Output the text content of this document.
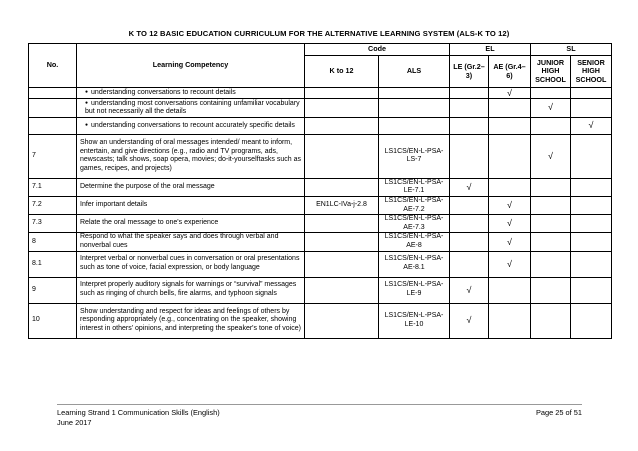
K TO 12 BASIC EDUCATION CURRICULUM FOR THE ALTERNATIVE LEARNING SYSTEM (ALS-K TO 12)
No.	Learning Competency	Code		EL		SL	
		K to 12	ALS	LE (Gr.2–3)	AE (Gr.4–6)	JUNIOR HIGH SCHOOL	SENIOR HIGH SCHOOL
	● understanding conversations to recount details				√		
	● understanding most conversations containing unfamiliar vocabulary but not necessarily all the details					√	
	● understanding conversations to recount accurately specific details						√
7	Show an understanding of oral messages intended/ meant to inform, entertain, and give directions (e.g., radio and TV programs, ads, newscasts; talk shows, soap opera, movies; do-it-yourselftasks such as games, recipes, and projects)		LS1CS/EN-L-PSA-LS-7			√	
7.1	Determine the purpose of the oral message		LS1CS/EN-L-PSA-LE-7.1	√			
7.2	Infer important details	EN1LC-IVa-j-2.8	LS1CS/EN-L-PSA-AE-7.2		√		
7.3	Relate the oral message to one's experience		LS1CS/EN-L-PSA-AE-7.3		√		
8	Respond to what the speaker says and does through verbal and nonverbal cues		LS1CS/EN-L-PSA-AE-8		√		
8.1	Interpret verbal or nonverbal cues in conversation or oral presentations such as tone of voice, facial expression, or body language		LS1CS/EN-L-PSA-AE-8.1		√		
9	Interpret properly auditory signals for warnings or “survival” messages such as ringing of church bells, fire alarms, and typhoon signals		LS1CS/EN-L-PSA-LE-9	√			
10	Show understanding and respect for ideas and feelings of others by responding appropriately (e.g., concentrating on the speaker, showing interest in others' opinions, and interpreting the speaker's tone of voice)		LS1CS/EN-L-PSA-LE-10	√			
Learning Strand 1 Communication Skills (English)
June 2017
Page 25 of 51
